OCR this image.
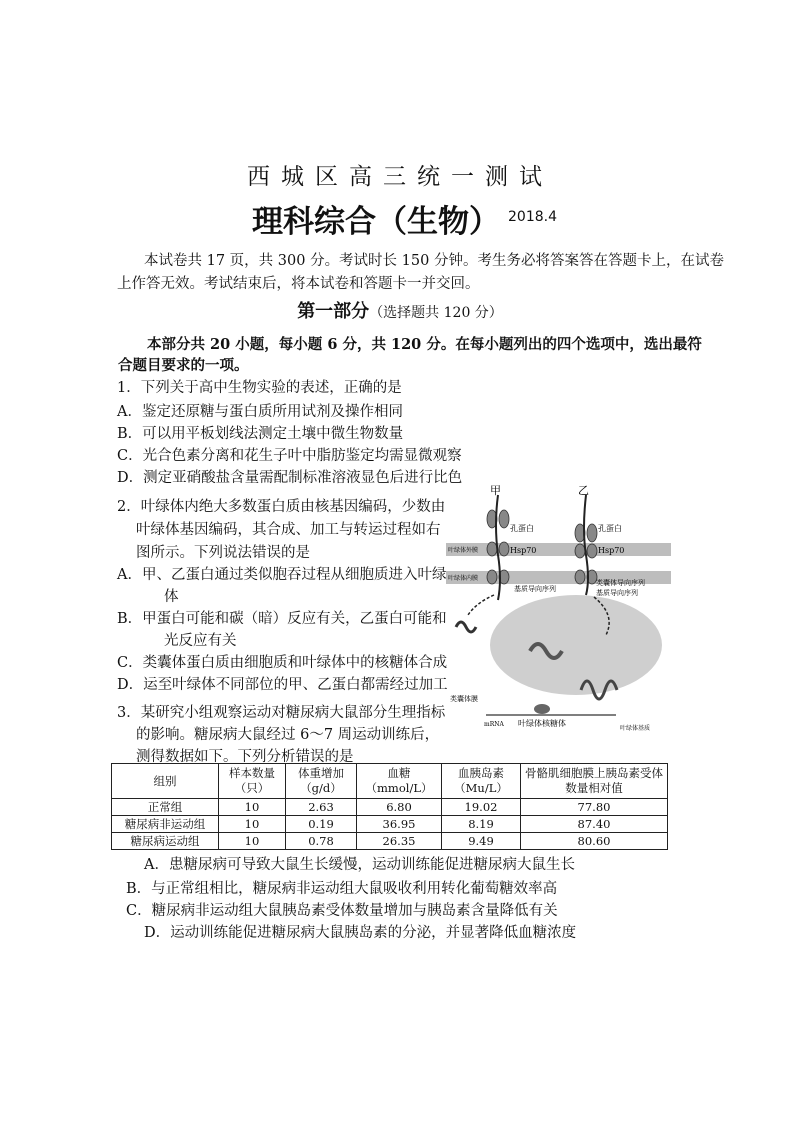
西城区高三统一测试
理科综合（生物） 2018.4
本试卷共 17 页，共 300 分。考试时长 150 分钟。考生务必将答案答在答题卡上，在试卷
上作答无效。考试结束后，将本试卷和答题卡一并交回。
第一部分（选择题共 120 分）
本部分共 20 小题，每小题 6 分，共 120 分。在每小题列出的四个选项中，选出最符
合题目要求的一项。
1．下列关于高中生物实验的表述，正确的是
A．鉴定还原糖与蛋白质所用试剂及操作相同
B．可以用平板划线法测定土壤中微生物数量
C．光合色素分离和花生子叶中脂肪鉴定均需显微观察
D．测定亚硝酸盐含量需配制标准溶液显色后进行比色
2．叶绿体内绝大多数蛋白质由核基因编码，少数由
叶绿体基因编码，其合成、加工与转运过程如右
图所示。下列说法错误的是
A．甲、乙蛋白通过类似胞吞过程从细胞质进入叶绿
体
B．甲蛋白可能和碳（暗）反应有关，乙蛋白可能和
光反应有关
C．类囊体蛋白质由细胞质和叶绿体中的核糖体合成
D．运至叶绿体不同部位的甲、乙蛋白都需经过加工
甲	乙
孔蛋白	孔蛋白
Hsp70	Hsp70
叶绿体外膜
叶绿体内膜
基质导向序列
类囊体导向序列
基质导向序列
类囊体膜
mRNA 叶绿体核糖体
叶绿体基质
3．某研究小组观察运动对糖尿病大鼠部分生理指标
的影响。糖尿病大鼠经过 6～7 周运动训练后，
测得数据如下。下列分析错误的是
组别	样本数量（只）	体重增加（g/d）	血糖（mmol/L）	血胰岛素（Mu/L）	骨骼肌细胞膜上胰岛素受体数量相对值
正常组	10	2.63	6.80	19.02	77.80
糖尿病非运动组	10	0.19	36.95	8.19	87.40
糖尿病运动组	10	0.78	26.35	9.49	80.60
A．患糖尿病可导致大鼠生长缓慢，运动训练能促进糖尿病大鼠生长
B．与正常组相比，糖尿病非运动组大鼠吸收利用转化葡萄糖效率高
C．糖尿病非运动组大鼠胰岛素受体数量增加与胰岛素含量降低有关
D．运动训练能促进糖尿病大鼠胰岛素的分泌，并显著降低血糖浓度
